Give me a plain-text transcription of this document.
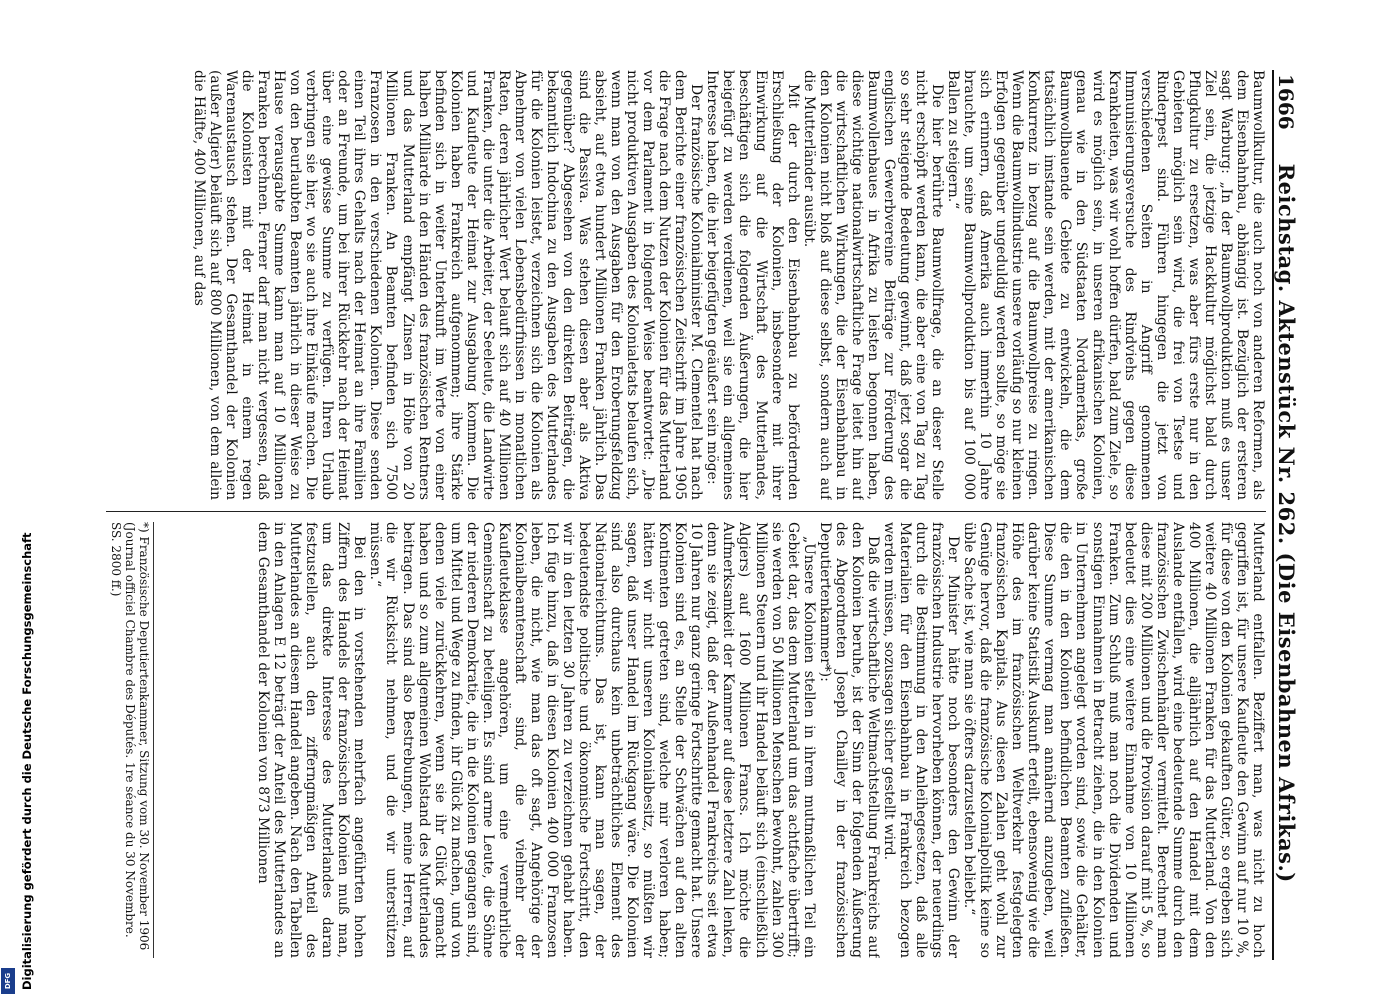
1666
Reichstag. Aktenstück Nr. 262. (Die Eisenbahnen Afrikas.)

Baumwollkultur, die auch noch von anderen Reformen, als dem Eisenbahnbau, abhängig ist. Bezüglich der ersteren sagt Warburg: „In der Baumwollproduktion muß es unser Ziel sein, die jetzige Hackkultur möglichst bald durch Pflugkultur zu ersetzen, was aber fürs erste nur in den Gebieten möglich sein wird, die frei von Tsetse und Rinderpest sind. Führen hingegen die jetzt von verschiedenen Seiten in Angriff genommenen Immunisierungsversuche des Rindviehs gegen diese Krankheiten, was wir wohl hoffen dürfen, bald zum Ziele, so wird es möglich sein, in unseren afrikanischen Kolonien, genau wie in den Südstaaten Nordamerikas, große Baumwollbauende Gebiete zu entwickeln, die dem tatsächlich imstande sein werden, mit der amerikanischen Konkurrenz in bezug auf die Baumwollpreise zu ringen. Wenn die Baumwollindustrie unsere vorläufig so nur kleinen Erfolgen gegenüber ungeduldig werden sollte, so möge sie sich erinnern, daß Amerika auch immerhin 10 Jahre brauchte, um seine Baumwollproduktion bis auf 100 000 Ballen zu steigern.“

Die hier berührte Baumwollfrage, die an dieser Stelle nicht erschöpft werden kann, die aber eine von Tag zu Tag so sehr steigende Bedeutung gewinnt, daß jetzt sogar die englischen Gewerbvereine Beiträge zur Förderung des Baumwollenbaues in Afrika zu leisten begonnen haben, diese wichtige nationalwirtschaftliche Frage leitet hin auf die wirtschaftlichen Wirkungen, die der Eisenbahnbau in den Kolonien nicht bloß auf diese selbst, sondern auch auf die Mutterländer ausübt.

Mit der durch den Eisenbahnbau zu befördernden Erschließung der Kolonien, insbesondere mit ihrer Einwirkung auf die Wirtschaft des Mutterlandes, beschäftigen sich die folgenden Äußerungen, die hier beigefügt zu werden verdienen, weil sie ein allgemeines Interesse haben, die hier beigefügten geäußert sein möge:

Der französische Kolonialminister M. Clementel hat nach dem Berichte einer französischen Zeitschrift im Jahre 1905 die Frage nach dem Nutzen der Kolonien für das Mutterland vor dem Parlament in folgender Weise beantwortet: „Die nicht produktiven Ausgaben des Kolonialetats belaufen sich, wenn man von den Ausgaben für den Eroberungsfeldzug absieht, auf etwa hundert Millionen Franken jährlich. Das sind die Passiva. Was stehen diesen aber als Aktiva gegenüber? Abgesehen von den direkten Beiträgen, die bekanntlich Indochina zu den Ausgaben des Mutterlandes für die Kolonien leistet, verzeichnen sich die Kolonien als Abnehmer von vielen Lebensbedürfnissen in monatlichen Raten, deren jährlicher Wert belauft sich auf 40 Millionen Franken, die unter die Arbeiter, der Seeleute, die Landwirte und Kaufleute der Heimat zur Ausgabung kommen. Die Kolonien haben Frankreich aufgenommen; ihre Stärke befinden sich in weiter Unterkunft im Werte von einer halben Milliarde in den Händen des französischen Rentners und das Mutterland empfängt Zinsen in Höhe von 20 Millionen Franken. An Beamten befinden sich 7500 Franzosen in den verschiedenen Kolonien. Diese senden einen Teil ihres Gehalts nach der Heimat an ihre Familien oder an Freunde, um bei ihrer Rückkehr nach der Heimat über eine gewisse Summe zu verfügen. Ihren Urlaub verbringen sie hier, wo sie auch ihre Einkäufe machen. Die von den beurlaubten Beamten jährlich in dieser Weise zu Hause verausgabte Summe kann man auf 10 Millionen Franken berechnen. Ferner darf man nicht vergessen, daß die Kolonisten mit der Heimat in einem regen Warenaustausch stehen. Der Gesamthandel der Kolonien (außer Algier) beläuft sich auf 800 Millionen, von dem allein die Hälfte, 400 Millionen, auf das

Mutterland entfallen. Beziffert man, was nicht zu hoch gegriffen ist, für unsere Kaufleute den Gewinn auf nur 10 %, für diese von den Kolonien gekauften Güter, so ergeben sich weitere 40 Millionen Franken für das Mutterland. Von den 400 Millionen, die alljährlich auf den Handel mit dem Auslande entfallen, wird eine bedeutende Summe durch den französischen Zwischenhändler vermittelt. Berechnet man diese mit 200 Millionen und die Provision darauf mit 5 %, so bedeutet dies eine weitere Einnahme von 10 Millionen Franken. Zum Schluß muß man noch die Dividenden und sonstigen Einnahmen in Betracht ziehen, die in den Kolonien in Unternehmen angelegt worden sind, sowie die Gehälter, die den in den Kolonien befindlichen Beamten zufließen. Diese Summe vermag man annähernd anzugeben, weil darüber keine Statistik Auskunft erteilt, ebensowenig wie die Höhe des im französischen Weltverkehr festgelegten französischen Kapitals. Aus diesen Zahlen geht wohl zur Genüge hervor, daß die französische Kolonialpolitik keine so üble Sache ist, wie man sie öfters darzustellen beliebt.“

Der Minister hätte noch besonders den Gewinn der französischen Industrie hervorheben können, der neuerdings durch die Bestimmung in den Anleihegesetzen, daß alle Materialien für den Eisenbahnbau in Frankreich bezogen werden müssen, sozusagen sicher gestellt wird.

Daß die wirtschaftliche Weltmachtstellung Frankreichs auf den Kolonien beruhe, ist der Sinn der folgenden Äußerung des Abgeordneten Joseph Chailley in der französischen Deputiertenkammer*):

„Unsere Kolonien stellen in ihrem mutmaßlichen Teil ein Gebiet dar, das dem Mutterland um das achtfache übertrifft; sie werden von 50 Millionen Menschen bewohnt, zahlen 300 Millionen Steuern und ihr Handel beläuft sich (einschließlich Algiers) auf 1600 Millionen Francs. Ich möchte die Aufmerksamkeit der Kammer auf diese letztere Zahl lenken, denn sie zeigt, daß der Außenhandel Frankreichs seit etwa 10 Jahren nur ganz geringe Fortschritte gemacht hat. Unsere Kolonien sind es, an Stelle der Schwächen auf den alten Kontinenten getreten sind, welche mir verloren haben; hätten wir nicht unseren Kolonialbesitz, so müßten wir sagen, daß unser Handel im Rückgang wäre. Die Kolonien sind also durchaus kein unbeträchtliches Element des Nationalreichtums. Das ist, kann man sagen, der bedeutendste politische und ökonomische Fortschritt, den wir in den letzten 30 Jahren zu verzeichnen gehabt haben. Ich füge hinzu, daß in diesen Kolonien 400 000 Franzosen leben, die nicht, wie man das oft sagt, Angehörige der Kolonialbeamtenschaft sind, die vielmehr der Kaufleuteklasse angehören, um eine vermehrliche Gemeinschaft zu beteiligen. Es sind arme Leute, die Söhne der niederen Demokratie, die in die Kolonien gegangen sind, um Mittel und Wege zu finden, ihr Glück zu machen, und von denen viele zurückkehren, wenn sie ihr Glück gemacht haben und so zum allgemeinen Wohlstand des Mutterlandes beitragen. Das sind also Bestrebungen, meine Herren, auf die wir Rücksicht nehmen, und die wir unterstützen müssen.“

Bei den in vorstehenden mehrfach angeführten hohen Ziffern des Handels der französischen Kolonien muß man, um das direkte Interesse des Mutterlandes daran festzustellen, auch den zifferngmäßigen Anteil des Mutterlandes an diesem Handel angeben. Nach den Tabellen in den Anlagen E 12 beträgt der Anteil des Mutterlandes an dem Gesamthandel der Kolonien von 873 Millionen

*) Französische Deputiertenkammer, Sitzung vom 30. November 1906 (Journal officiel Chambre des Députés. 1re séance du 30 Novembre. SS. 2800 ff.)
Digitalisierung gefördert durch die Deutsche Forschungsgemeinschaft
DFG
